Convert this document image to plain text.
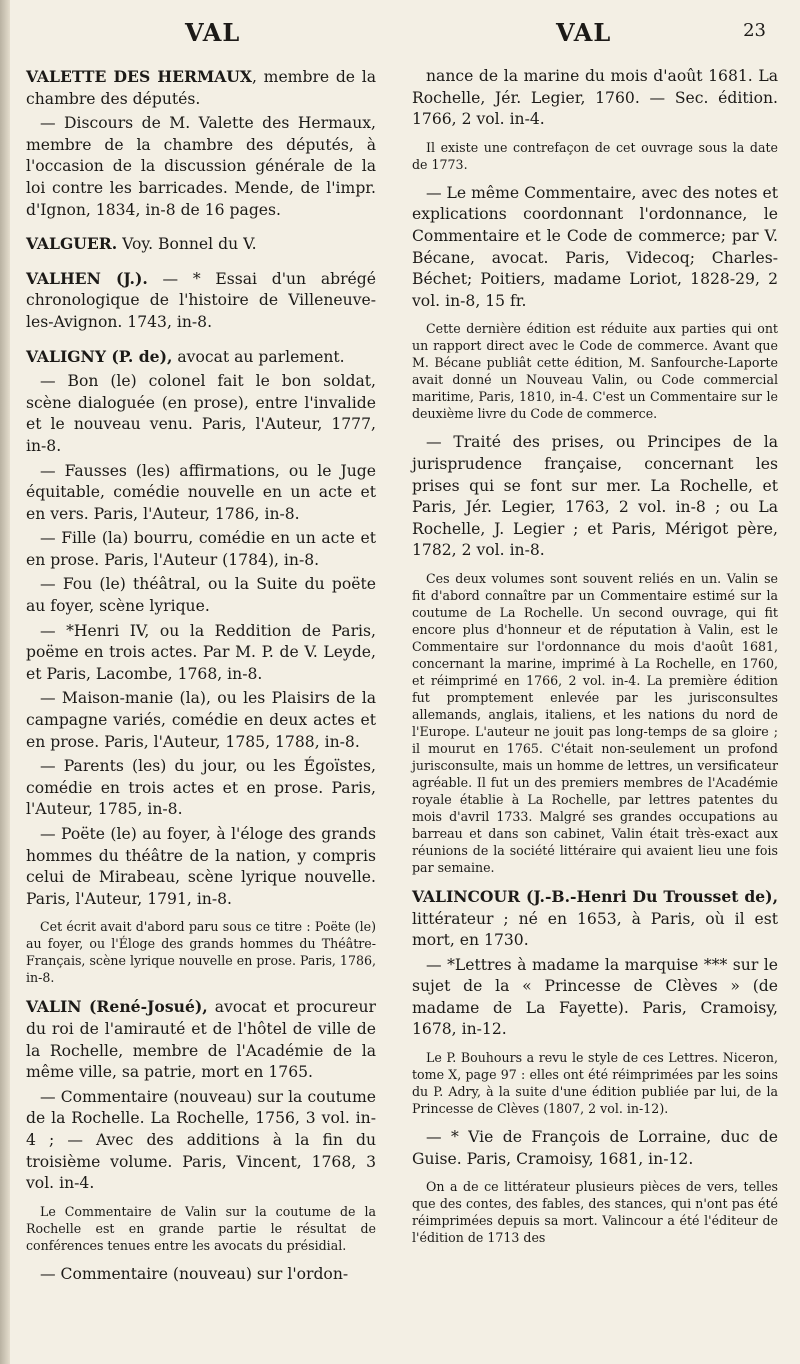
VAL	VAL	23

VALETTE DES HERMAUX, membre de la chambre des députés.

— Discours de M. Valette des Hermaux, membre de la chambre des députés, à l'occasion de la discussion générale de la loi contre les barricades. Mende, de l'impr. d'Ignon, 1834, in-8 de 16 pages.

VALGUER. Voy. Bonnel du V.

VALHEN (J.). — * Essai d'un abrégé chronologique de l'histoire de Villeneuve-les-Avignon. 1743, in-8.

VALIGNY (P. de), avocat au parlement.

— Bon (le) colonel fait le bon soldat, scène dialoguée (en prose), entre l'invalide et le nouveau venu. Paris, l'Auteur, 1777, in-8.

— Fausses (les) affirmations, ou le Juge équitable, comédie nouvelle en un acte et en vers. Paris, l'Auteur, 1786, in-8.

— Fille (la) bourru, comédie en un acte et en prose. Paris, l'Auteur (1784), in-8.

— Fou (le) théâtral, ou la Suite du poëte au foyer, scène lyrique.

— *Henri IV, ou la Reddition de Paris, poëme en trois actes. Par M. P. de V. Leyde, et Paris, Lacombe, 1768, in-8.

— Maison-manie (la), ou les Plaisirs de la campagne variés, comédie en deux actes et en prose. Paris, l'Auteur, 1785, 1788, in-8.

— Parents (les) du jour, ou les Égoïstes, comédie en trois actes et en prose. Paris, l'Auteur, 1785, in-8.

— Poëte (le) au foyer, à l'éloge des grands hommes du théâtre de la nation, y compris celui de Mirabeau, scène lyrique nouvelle. Paris, l'Auteur, 1791, in-8.

Cet écrit avait d'abord paru sous ce titre : Poëte (le) au foyer, ou l'Éloge des grands hommes du Théâtre-Français, scène lyrique nouvelle en prose. Paris, 1786, in-8.

VALIN (René-Josué), avocat et procureur du roi de l'amirauté et de l'hôtel de ville de la Rochelle, membre de l'Académie de la même ville, sa patrie, mort en 1765.

— Commentaire (nouveau) sur la coutume de la Rochelle. La Rochelle, 1756, 3 vol. in-4 ; — Avec des additions à la fin du troisième volume. Paris, Vincent, 1768, 3 vol. in-4.

Le Commentaire de Valin sur la coutume de la Rochelle est en grande partie le résultat de conférences tenues entre les avocats du présidial.

— Commentaire (nouveau) sur l'ordon-

nance de la marine du mois d'août 1681. La Rochelle, Jér. Legier, 1760. — Sec. édition. 1766, 2 vol. in-4.

Il existe une contrefaçon de cet ouvrage sous la date de 1773.

— Le même Commentaire, avec des notes et explications coordonnant l'ordonnance, le Commentaire et le Code de commerce; par V. Bécane, avocat. Paris, Videcoq; Charles-Béchet; Poitiers, madame Loriot, 1828-29, 2 vol. in-8, 15 fr.

Cette dernière édition est réduite aux parties qui ont un rapport direct avec le Code de commerce. Avant que M. Bécane publiât cette édition, M. Sanfourche-Laporte avait donné un Nouveau Valin, ou Code commercial maritime, Paris, 1810, in-4. C'est un Commentaire sur le deuxième livre du Code de commerce.

— Traité des prises, ou Principes de la jurisprudence française, concernant les prises qui se font sur mer. La Rochelle, et Paris, Jér. Legier, 1763, 2 vol. in-8 ; ou La Rochelle, J. Legier ; et Paris, Mérigot père, 1782, 2 vol. in-8.

Ces deux volumes sont souvent reliés en un. Valin se fit d'abord connaître par un Commentaire estimé sur la coutume de La Rochelle. Un second ouvrage, qui fit encore plus d'honneur et de réputation à Valin, est le Commentaire sur l'ordonnance du mois d'août 1681, concernant la marine, imprimé à La Rochelle, en 1760, et réimprimé en 1766, 2 vol. in-4. La première édition fut promptement enlevée par les jurisconsultes allemands, anglais, italiens, et les nations du nord de l'Europe. L'auteur ne jouit pas long-temps de sa gloire ; il mourut en 1765. C'était non-seulement un profond jurisconsulte, mais un homme de lettres, un versificateur agréable. Il fut un des premiers membres de l'Académie royale établie à La Rochelle, par lettres patentes du mois d'avril 1733. Malgré ses grandes occupations au barreau et dans son cabinet, Valin était très-exact aux réunions de la société littéraire qui avaient lieu une fois par semaine.

VALINCOUR (J.-B.-Henri Du Trousset de), littérateur ; né en 1653, à Paris, où il est mort, en 1730.

— *Lettres à madame la marquise *** sur le sujet de la « Princesse de Clèves » (de madame de La Fayette). Paris, Cramoisy, 1678, in-12.

Le P. Bouhours a revu le style de ces Lettres. Niceron, tome X, page 97 : elles ont été réimprimées par les soins du P. Adry, à la suite d'une édition publiée par lui, de la Princesse de Clèves (1807, 2 vol. in-12).

— * Vie de François de Lorraine, duc de Guise. Paris, Cramoisy, 1681, in-12.

On a de ce littérateur plusieurs pièces de vers, telles que des contes, des fables, des stances, qui n'ont pas été réimprimées depuis sa mort. Valincour a été l'éditeur de l'édition de 1713 des
